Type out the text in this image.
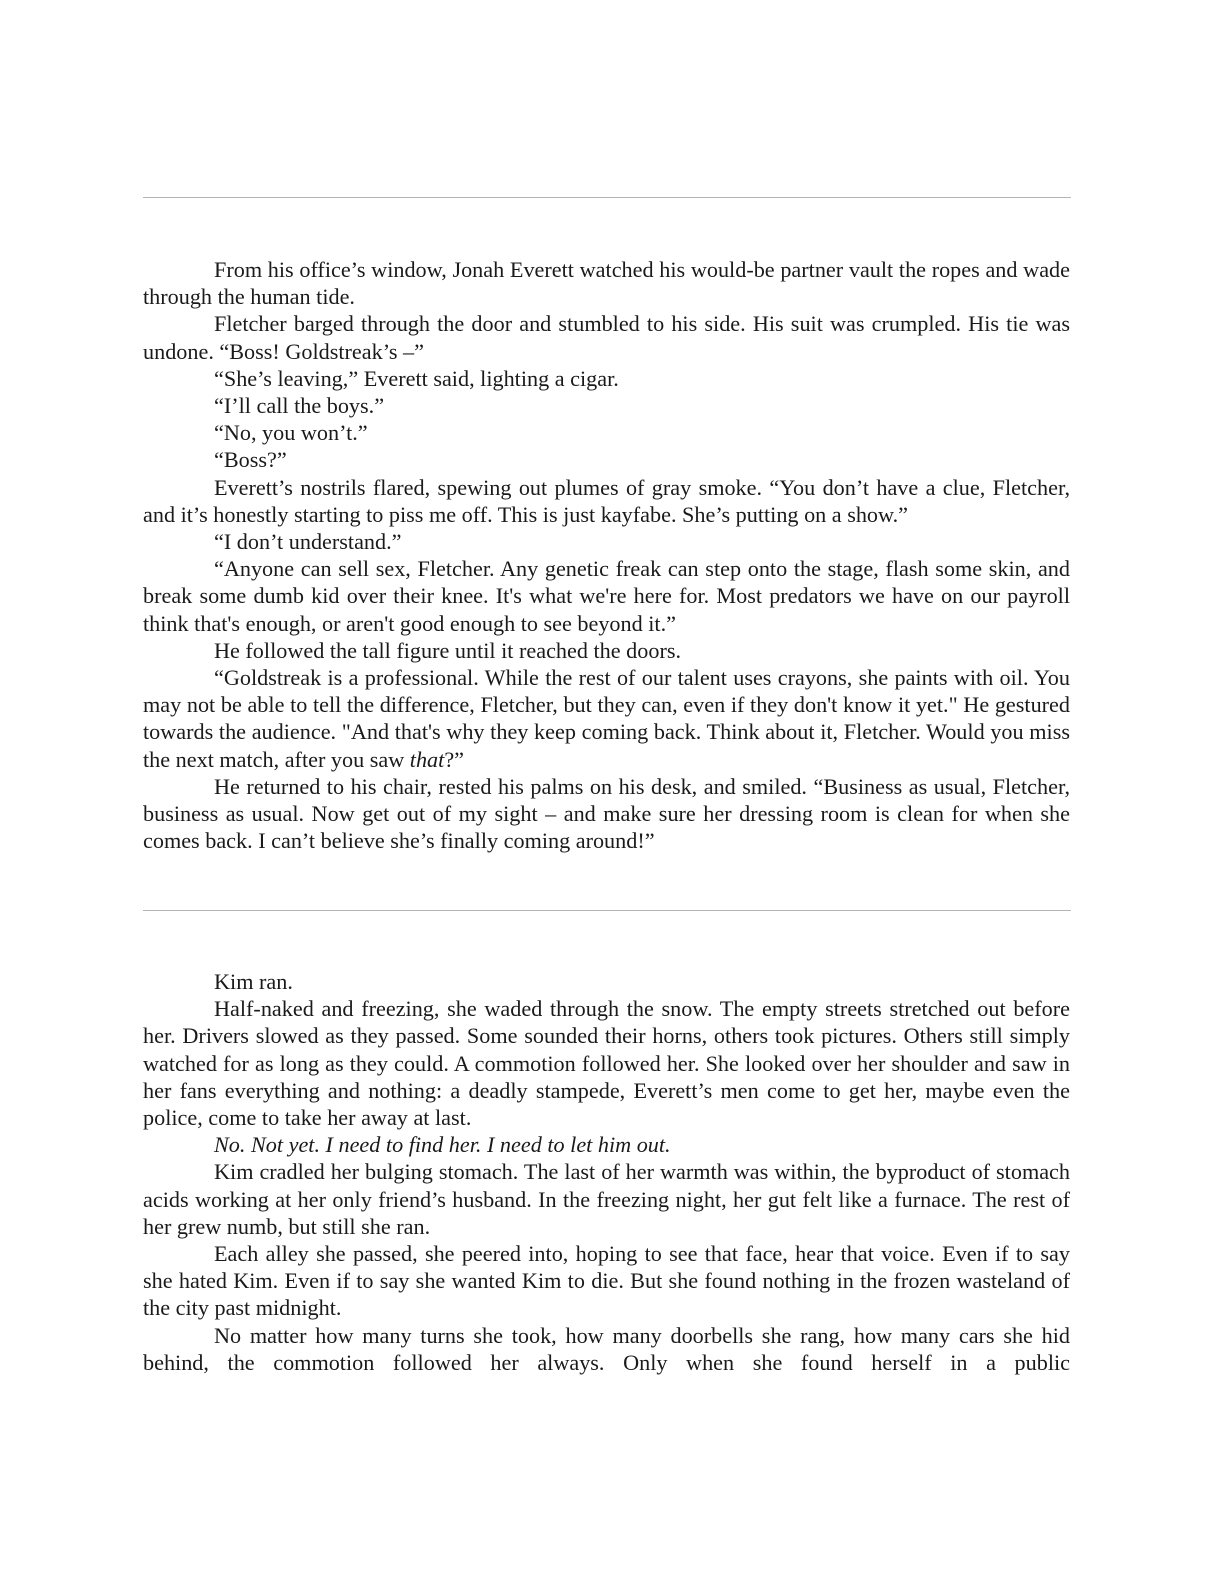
From his office’s window, Jonah Everett watched his would-be partner vault the ropes and wade through the human tide.

Fletcher barged through the door and stumbled to his side. His suit was crumpled. His tie was undone. “Boss! Goldstreak’s –”

“She’s leaving,” Everett said, lighting a cigar.

“I’ll call the boys.”

“No, you won’t.”

“Boss?”

Everett’s nostrils flared, spewing out plumes of gray smoke. “You don’t have a clue, Fletcher, and it’s honestly starting to piss me off. This is just kayfabe. She’s putting on a show.”

“I don’t understand.”

“Anyone can sell sex, Fletcher. Any genetic freak can step onto the stage, flash some skin, and break some dumb kid over their knee. It's what we're here for. Most predators we have on our payroll think that's enough, or aren't good enough to see beyond it.”

He followed the tall figure until it reached the doors.

“Goldstreak is a professional. While the rest of our talent uses crayons, she paints with oil. You may not be able to tell the difference, Fletcher, but they can, even if they don't know it yet." He gestured towards the audience. "And that's why they keep coming back. Think about it, Fletcher. Would you miss the next match, after you saw that?”

He returned to his chair, rested his palms on his desk, and smiled. “Business as usual, Fletcher, business as usual. Now get out of my sight – and make sure her dressing room is clean for when she comes back. I can’t believe she’s finally coming around!”

Kim ran.

Half-naked and freezing, she waded through the snow. The empty streets stretched out before her. Drivers slowed as they passed. Some sounded their horns, others took pictures. Others still simply watched for as long as they could. A commotion followed her. She looked over her shoulder and saw in her fans everything and nothing: a deadly stampede, Everett’s men come to get her, maybe even the police, come to take her away at last.

No. Not yet. I need to find her. I need to let him out.

Kim cradled her bulging stomach. The last of her warmth was within, the byproduct of stomach acids working at her only friend’s husband. In the freezing night, her gut felt like a furnace. The rest of her grew numb, but still she ran.

Each alley she passed, she peered into, hoping to see that face, hear that voice. Even if to say she hated Kim. Even if to say she wanted Kim to die. But she found nothing in the frozen wasteland of the city past midnight.

No matter how many turns she took, how many doorbells she rang, how many cars she hid behind, the commotion followed her always. Only when she found herself in a public
